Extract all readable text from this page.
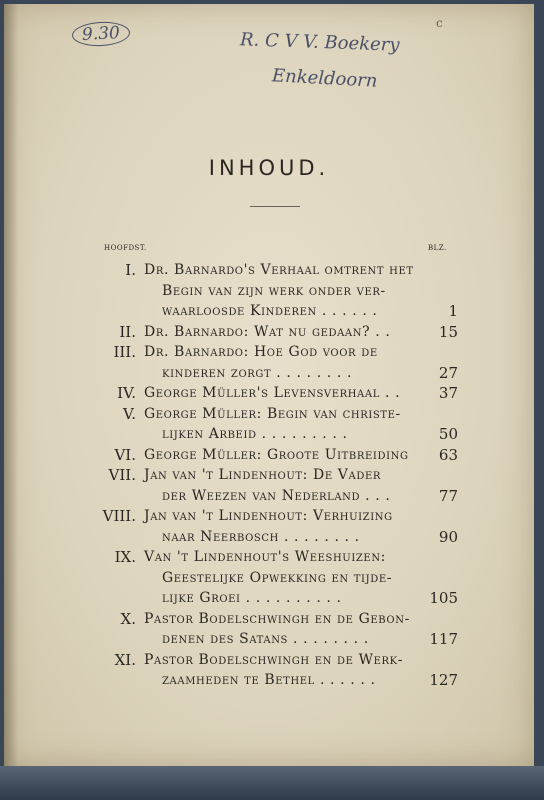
9.30	R. C V V. Boekery
Enkeldoorn
c
INHOUD.
HOOFDST.	BLZ.
I. Dr. Barnardo's Verhaal omtrent het
Begin van zijn werk onder ver-
waarloosde Kinderen . . . . . .	1
II. Dr. Barnardo: Wat nu gedaan? . .	15
III. Dr. Barnardo: Hoe God voor de
kinderen zorgt . . . . . . . .	27
IV. George Müller's Levensverhaal . .	37
V. George Müller: Begin van christe-
lijken Arbeid . . . . . . . . .	50
VI. George Müller: Groote Uitbreiding	63
VII. Jan van 't Lindenhout: De Vader
der Weezen van Nederland . . .	77
VIII. Jan van 't Lindenhout: Verhuizing
naar Neerbosch . . . . . . . .	90
IX. Van 't Lindenhout's Weeshuizen:
Geestelijke Opwekking en tijde-
lijke Groei . . . . . . . . . .	105
X. Pastor Bodelschwingh en de Gebon-
denen des Satans . . . . . . . .	117
XI. Pastor Bodelschwingh en de Werk-
zaamheden te Bethel . . . . . .	127
